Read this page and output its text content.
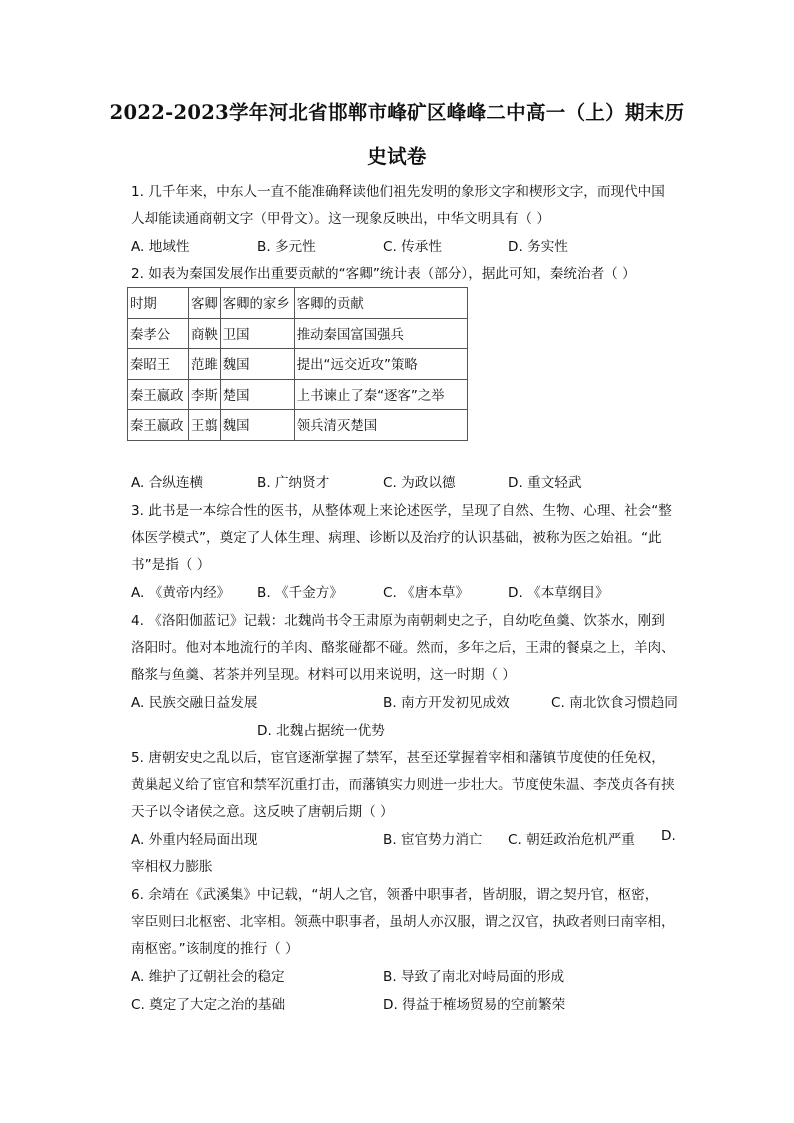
2022-2023学年河北省邯郸市峰矿区峰峰二中高一（上）期末历
史试卷
1. 几千年来，中东人一直不能准确释读他们祖先发明的象形文字和楔形文字，而现代中国
人却能读通商朝文字（甲骨文）。这一现象反映出，中华文明具有（ ）
A. 地域性	B. 多元性	C. 传承性	D. 务实性
2. 如表为秦国发展作出重要贡献的“客卿”统计表（部分），据此可知，秦统治者（ ）
时期	客卿	客卿的家乡	客卿的贡献
秦孝公	商鞅	卫国	推动秦国富国强兵
秦昭王	范雎	魏国	提出“远交近攻”策略
秦王嬴政	李斯	楚国	上书谏止了秦“逐客”之举
秦王嬴政	王翦	魏国	领兵清灭楚国
A. 合纵连横	B. 广纳贤才	C. 为政以德	D. 重文轻武
3. 此书是一本综合性的医书，从整体观上来论述医学，呈现了自然、生物、心理、社会“整
体医学模式”，奠定了人体生理、病理、诊断以及治疗的认识基础，被称为医之始祖。“此
书”是指（ ）
A. 《黄帝内经》 B. 《千金方》	C. 《唐本草》	D. 《本草纲目》
4. 《洛阳伽蓝记》记载：北魏尚书令王肃原为南朝刺史之子，自幼吃鱼羹、饮茶水，刚到
洛阳时。他对本地流行的羊肉、酪浆碰都不碰。然而，多年之后，王肃的餐桌之上，羊肉、
酪浆与鱼羹、茗茶并列呈现。材料可以用来说明，这一时期（ ）
A. 民族交融日益发展	B. 南方开发初见成效	C. 南北饮食习惯趋同
D. 北魏占据统一优势
5. 唐朝安史之乱以后，宦官逐渐掌握了禁军，甚至还掌握着宰相和藩镇节度使的任免权，
黄巢起义给了宦官和禁军沉重打击，而藩镇实力则进一步壮大。节度使朱温、李茂贞各有挟
天子以令诸侯之意。这反映了唐朝后期（ ）
A. 外重内轻局面出现	B. 宦官势力消亡 C. 朝廷政治危机严重 D.
宰相权力膨胀
6. 余靖在《武溪集》中记载，“胡人之官，领番中职事者，皆胡服，谓之契丹官，枢密，
宰臣则曰北枢密、北宰相。领燕中职事者，虽胡人亦汉服，谓之汉官，执政者则曰南宰相，
南枢密。”该制度的推行（ ）
A. 维护了辽朝社会的稳定	B. 导致了南北对峙局面的形成
C. 奠定了大定之治的基础	D. 得益于榷场贸易的空前繁荣
